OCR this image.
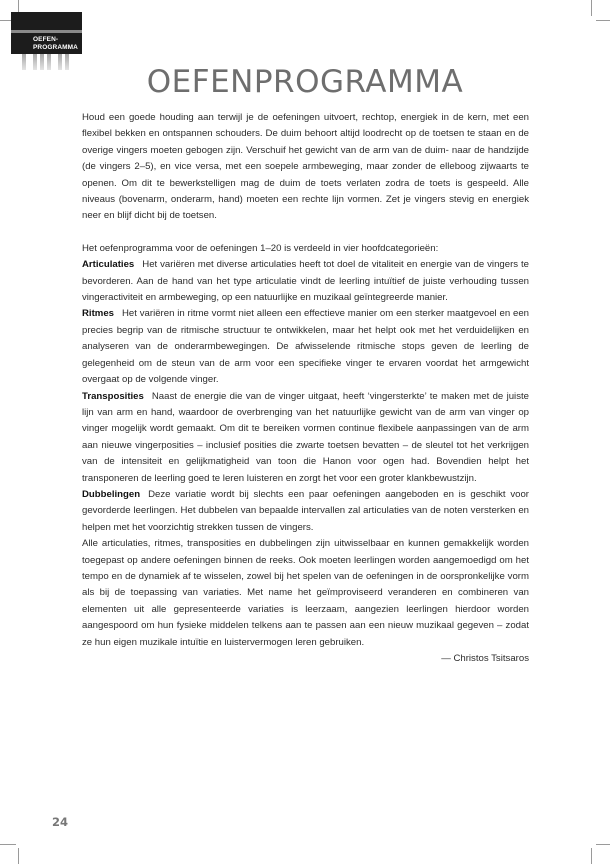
OEFEN-
PROGRAMMA
OEFENPROGRAMMA

Houd een goede houding aan terwijl je de oefeningen uitvoert, rechtop, energiek in de kern, met een flexibel bekken en ontspannen schouders. De duim behoort altijd loodrecht op de toetsen te staan en de overige vingers moeten gebogen zijn. Verschuif het gewicht van de arm van de duim- naar de handzijde (de vingers 2–5), en vice versa, met een soepele armbeweging, maar zonder de elleboog zijwaarts te openen. Om dit te bewerkstelligen mag de duim de toets verlaten zodra de toets is gespeeld. Alle niveaus (bovenarm, onderarm, hand) moeten een rechte lijn vormen. Zet je vingers stevig en energiek neer en blijf dicht bij de toetsen.

Het oefenprogramma voor de oefeningen 1–20 is verdeeld in vier hoofdcategorieën:

Articulaties Het variëren met diverse articulaties heeft tot doel de vitaliteit en energie van de vingers te bevorderen. Aan de hand van het type articulatie vindt de leerling intuïtief de juiste verhouding tussen vingeractiviteit en armbeweging, op een natuurlijke en muzikaal geïntegreerde manier.

Ritmes Het variëren in ritme vormt niet alleen een effectieve manier om een sterker maatgevoel en een precies begrip van de ritmische structuur te ontwikkelen, maar het helpt ook met het verduidelijken en analyseren van de onderarmbewegingen. De afwisselende ritmische stops geven de leerling de gelegenheid om de steun van de arm voor een specifieke vinger te ervaren voordat het armgewicht overgaat op de volgende vinger.

Transposities Naast de energie die van de vinger uitgaat, heeft ‘vingersterkte’ te maken met de juiste lijn van arm en hand, waardoor de overbrenging van het natuurlijke gewicht van de arm van vinger op vinger mogelijk wordt gemaakt. Om dit te bereiken vormen continue flexibele aanpassingen van de arm aan nieuwe vingerposities – inclusief posities die zwarte toetsen bevatten – de sleutel tot het verkrijgen van de intensiteit en gelijkmatigheid van toon die Hanon voor ogen had. Bovendien helpt het transponeren de leerling goed te leren luisteren en zorgt het voor een groter klankbewustzijn.

Dubbelingen Deze variatie wordt bij slechts een paar oefeningen aangeboden en is geschikt voor gevorderde leerlingen. Het dubbelen van bepaalde intervallen zal articulaties van de noten versterken en helpen met het voorzichtig strekken tussen de vingers.

Alle articulaties, ritmes, transposities en dubbelingen zijn uitwisselbaar en kunnen gemakkelijk worden toegepast op andere oefeningen binnen de reeks. Ook moeten leerlingen worden aangemoedigd om het tempo en de dynamiek af te wisselen, zowel bij het spelen van de oefeningen in de oorspronkelijke vorm als bij de toepassing van variaties. Met name het geïmproviseerd veranderen en combineren van elementen uit alle gepresenteerde variaties is leerzaam, aangezien leerlingen hierdoor worden aangespoord om hun fysieke middelen telkens aan te passen aan een nieuw muzikaal gegeven – zodat ze hun eigen muzikale intuïtie en luistervermogen leren gebruiken.

— Christos Tsitsaros

24
